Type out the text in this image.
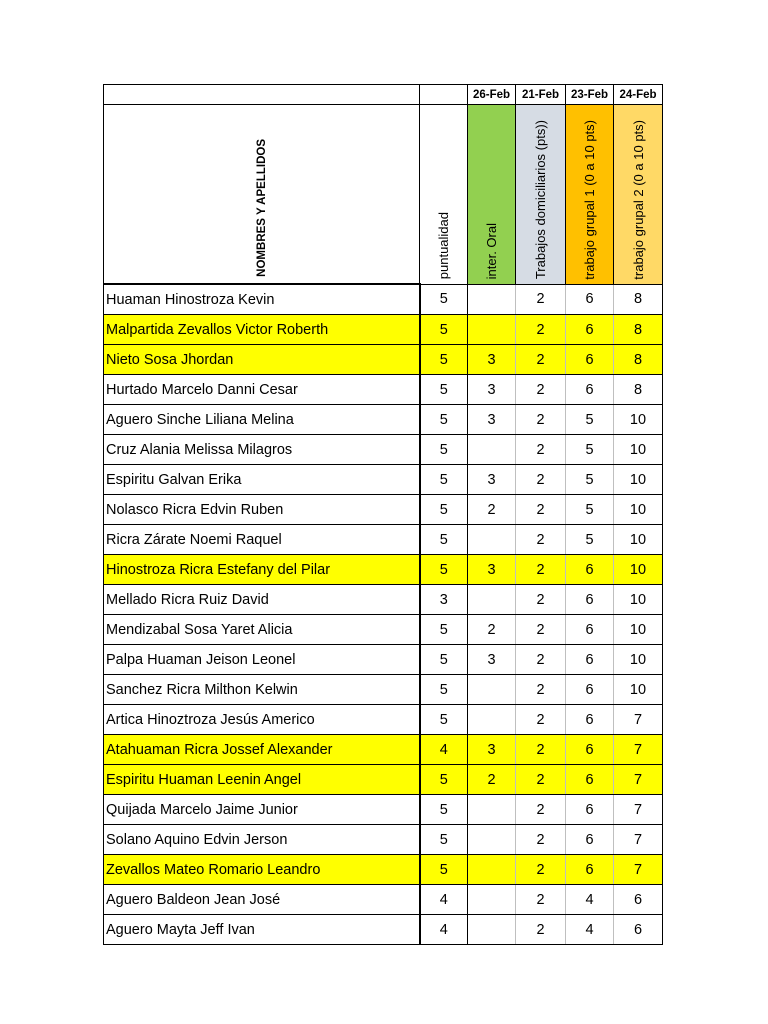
		26-Feb	21-Feb	23-Feb	24-Feb

NOMBRES Y APELLIDOS	puntualidad	inter. Oral	Trabajos domiciliarios (pts))	trabajo grupal 1 (0 a 10 pts)	trabajo grupal 2 (0 a 10 pts)

Huaman Hinostroza Kevin	5		2	6	8
Malpartida Zevallos Victor Roberth	5		2	6	8
Nieto Sosa Jhordan	5	3	2	6	8
Hurtado Marcelo Danni Cesar	5	3	2	6	8
Aguero Sinche Liliana Melina	5	3	2	5	10
Cruz Alania Melissa Milagros	5		2	5	10
Espiritu Galvan Erika	5	3	2	5	10
Nolasco Ricra Edvin Ruben	5	2	2	5	10
Ricra Zárate Noemi Raquel	5		2	5	10
Hinostroza Ricra Estefany del Pilar	5	3	2	6	10
Mellado Ricra Ruiz David	3		2	6	10
Mendizabal Sosa Yaret Alicia	5	2	2	6	10
Palpa Huaman Jeison Leonel	5	3	2	6	10
Sanchez Ricra Milthon Kelwin	5		2	6	10
Artica Hinoztroza Jesús Americo	5		2	6	7
Atahuaman Ricra Jossef Alexander	4	3	2	6	7
Espiritu Huaman Leenin Angel	5	2	2	6	7
Quijada Marcelo Jaime Junior	5		2	6	7
Solano Aquino Edvin Jerson	5		2	6	7
Zevallos Mateo Romario Leandro	5		2	6	7
Aguero Baldeon Jean José	4		2	4	6
Aguero Mayta Jeff Ivan	4		2	4	6
